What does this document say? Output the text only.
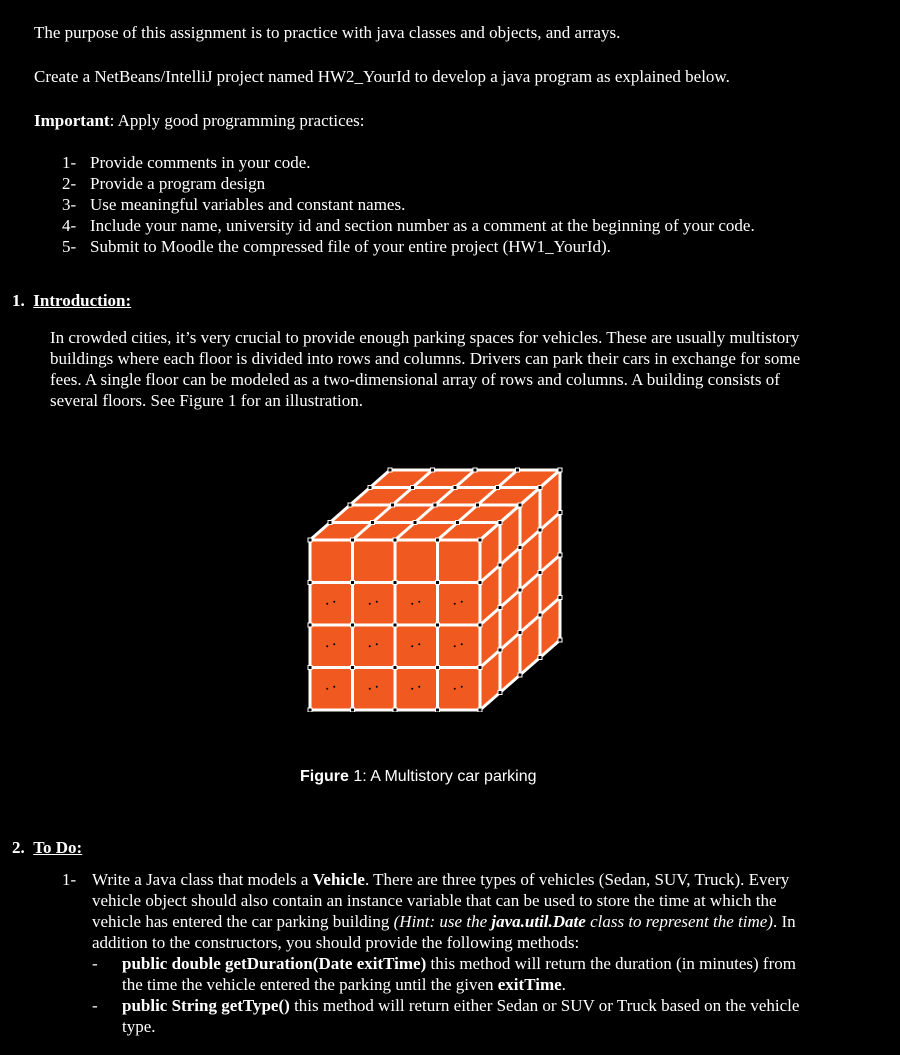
The purpose of this assignment is to practice with java classes and objects, and arrays.
Create a NetBeans/IntelliJ project named HW2_YourId to develop a java program as explained below.
Important: Apply good programming practices:
1- Provide comments in your code.
2- Provide a program design
3- Use meaningful variables and constant names.
4- Include your name, university id and section number as a comment at the beginning of your code.
5- Submit to Moodle the compressed file of your entire project (HW1_YourId).
1. Introduction:
In crowded cities, it’s very crucial to provide enough parking spaces for vehicles. These are usually multistory
buildings where each floor is divided into rows and columns. Drivers can park their cars in exchange for some
fees. A single floor can be modeled as a two-dimensional array of rows and columns. A building consists of
several floors. See Figure 1 for an illustration.
Figure 1: A Multistory car parking
2. To Do:
1- Write a Java class that models a Vehicle. There are three types of vehicles (Sedan, SUV, Truck). Every
vehicle object should also contain an instance variable that can be used to store the time at which the
vehicle has entered the car parking building (Hint: use the java.util.Date class to represent the time). In
addition to the constructors, you should provide the following methods:
- public double getDuration(Date exitTime) this method will return the duration (in minutes) from
the time the vehicle entered the parking until the given exitTime.
- public String getType() this method will return either Sedan or SUV or Truck based on the vehicle
type.
